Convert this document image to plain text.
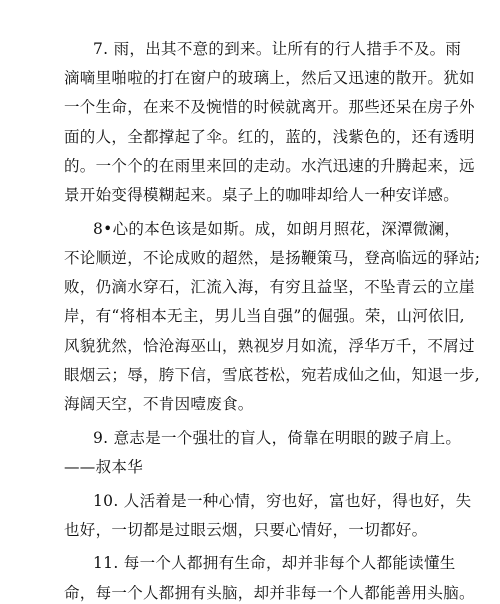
7. 雨，出其不意的到来。让所有的行人措手不及。雨
滴嘀里啪啦的打在窗户的玻璃上，然后又迅速的散开。犹如
一个生命，在来不及惋惜的时候就离开。那些还呆在房子外
面的人，全都撑起了伞。红的，蓝的，浅紫色的，还有透明
的。一个个的在雨里来回的走动。水汽迅速的升腾起来，远
景开始变得模糊起来。桌子上的咖啡却给人一种安详感。
8•心的本色该是如斯。成，如朗月照花，深潭微澜，
不论顺逆，不论成败的超然，是扬鞭策马，登高临远的驿站;
败，仍滴水穿石，汇流入海，有穷且益坚，不坠青云的立崖
岸，有“将相本无主，男儿当自强”的倔强。荣，山河依旧,
风貌犹然，恰沧海巫山，熟视岁月如流，浮华万千，不屑过
眼烟云；辱，胯下信，雪底苍松，宛若成仙之仙，知退一步,
海阔天空，不肯因噎废食。
9. 意志是一个强壮的盲人，倚靠在明眼的跛子肩上。
——叔本华
10. 人活着是一种心情，穷也好，富也好，得也好，失
也好，一切都是过眼云烟，只要心情好，一切都好。
11. 每一个人都拥有生命，却并非每个人都能读懂生
命，每一个人都拥有头脑，却并非每一个人都能善用头脑。
